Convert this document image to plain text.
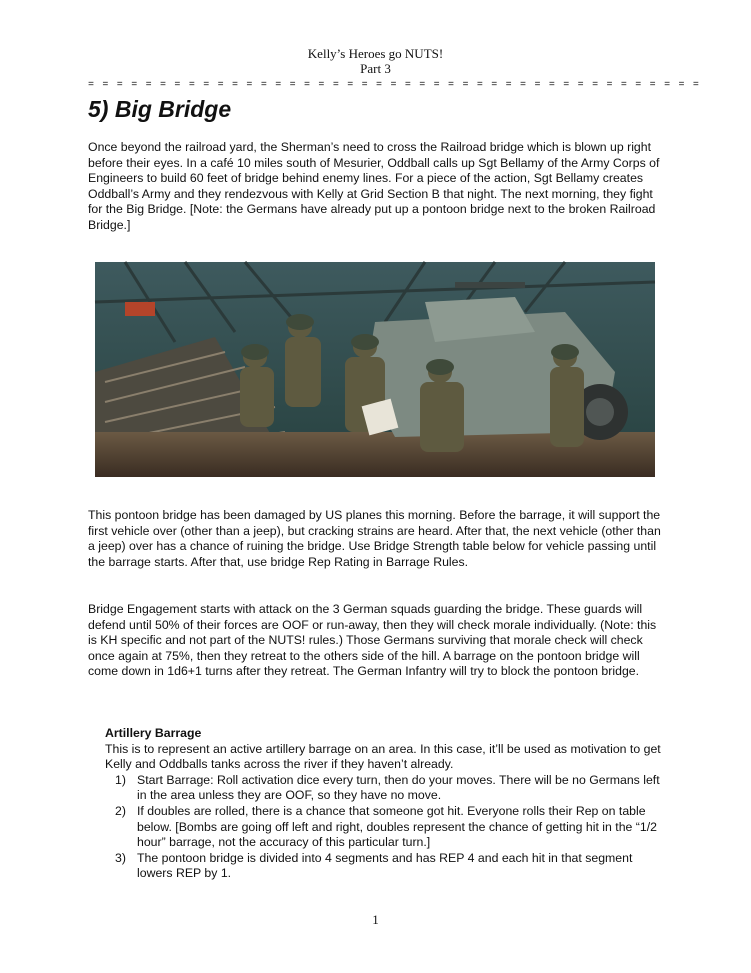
Kelly’s Heroes go NUTS!
Part 3
= = = = = = = = = = = = = = = = = = = = = = = = = = = = = = = = = = = = = = = = = = =
5) Big Bridge

Once beyond the railroad yard, the Sherman’s need to cross the Railroad bridge which is blown up right before their eyes. In a café 10 miles south of Mesurier, Oddball calls up Sgt Bellamy of the Army Corps of Engineers to build 60 feet of bridge behind enemy lines. For a piece of the action, Sgt Bellamy creates Oddball’s Army and they rendezvous with Kelly at Grid Section B that night. The next morning, they fight for the Big Bridge. [Note: the Germans have already put up a pontoon bridge next to the broken Railroad Bridge.]

This pontoon bridge has been damaged by US planes this morning. Before the barrage, it will support the first vehicle over (other than a jeep), but cracking strains are heard. After that, the next vehicle (other than a jeep) over has a chance of ruining the bridge. Use Bridge Strength table below for vehicle passing until the barrage starts. After that, use bridge Rep Rating in Barrage Rules.

Bridge Engagement starts with attack on the 3 German squads guarding the bridge. These guards will defend until 50% of their forces are OOF or run-away, then they will check morale individually. (Note: this is KH specific and not part of the NUTS! rules.) Those Germans surviving that morale check will check once again at 75%, then they retreat to the others side of the hill. A barrage on the pontoon bridge will come down in 1d6+1 turns after they retreat. The German Infantry will try to block the pontoon bridge.

Artillery Barrage

This is to represent an active artillery barrage on an area. In this case, it’ll be used as motivation to get Kelly and Oddballs tanks across the river if they haven’t already.

1) Start Barrage: Roll activation dice every turn, then do your moves. There will be no Germans left in the area unless they are OOF, so they have no move.
2) If doubles are rolled, there is a chance that someone got hit. Everyone rolls their Rep on table below. [Bombs are going off left and right, doubles represent the chance of getting hit in the “1/2 hour” barrage, not the accuracy of this particular turn.]
3) The pontoon bridge is divided into 4 segments and has REP 4 and each hit in that segment lowers REP by 1.
1
